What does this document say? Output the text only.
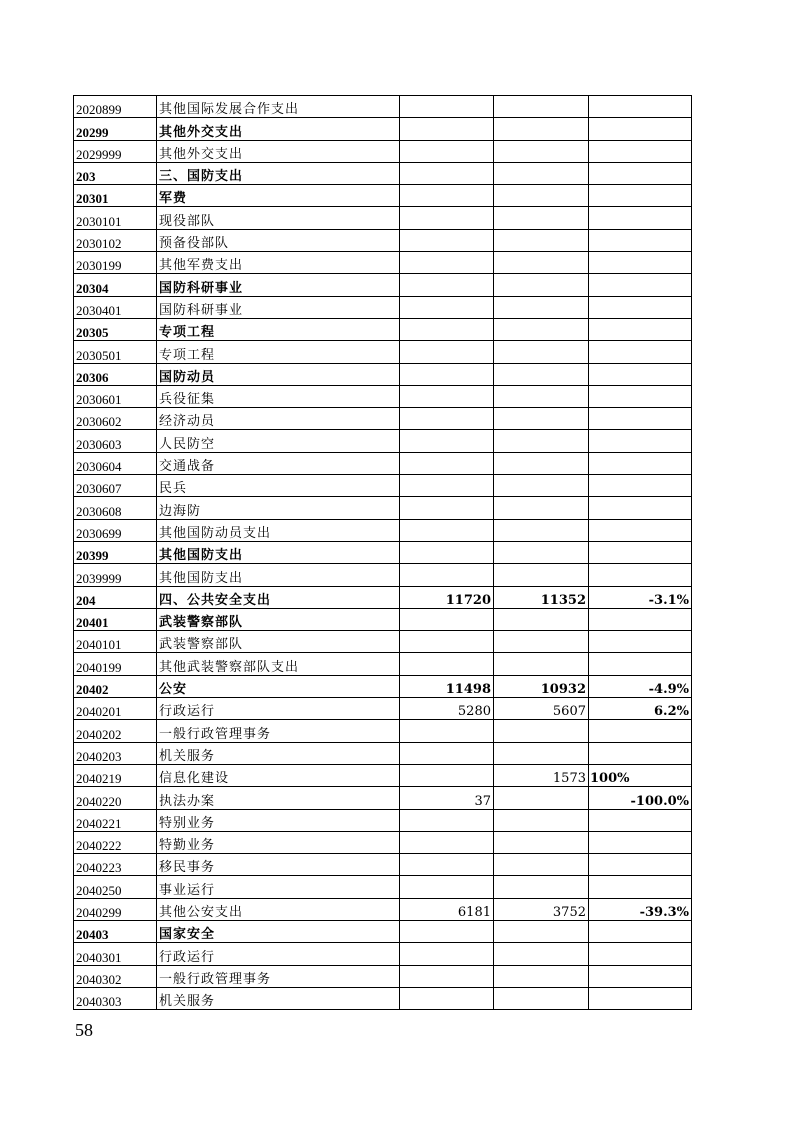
2020899	其他国际发展合作支出			
20299	其他外交支出			
2029999	其他外交支出			
203	三、国防支出			
20301	军费			
2030101	现役部队			
2030102	预备役部队			
2030199	其他军费支出			
20304	国防科研事业			
2030401	国防科研事业			
20305	专项工程			
2030501	专项工程			
20306	国防动员			
2030601	兵役征集			
2030602	经济动员			
2030603	人民防空			
2030604	交通战备			
2030607	民兵			
2030608	边海防			
2030699	其他国防动员支出			
20399	其他国防支出			
2039999	其他国防支出			
204	四、公共安全支出	11720	11352	-3.1%
20401	武装警察部队			
2040101	武装警察部队			
2040199	其他武装警察部队支出			
20402	公安	11498	10932	-4.9%
2040201	行政运行	5280	5607	6.2%
2040202	一般行政管理事务			
2040203	机关服务			
2040219	信息化建设		1573	100%
2040220	执法办案	37		-100.0%
2040221	特别业务			
2040222	特勤业务			
2040223	移民事务			
2040250	事业运行			
2040299	其他公安支出	6181	3752	-39.3%
20403	国家安全			
2040301	行政运行			
2040302	一般行政管理事务			
2040303	机关服务			
58
